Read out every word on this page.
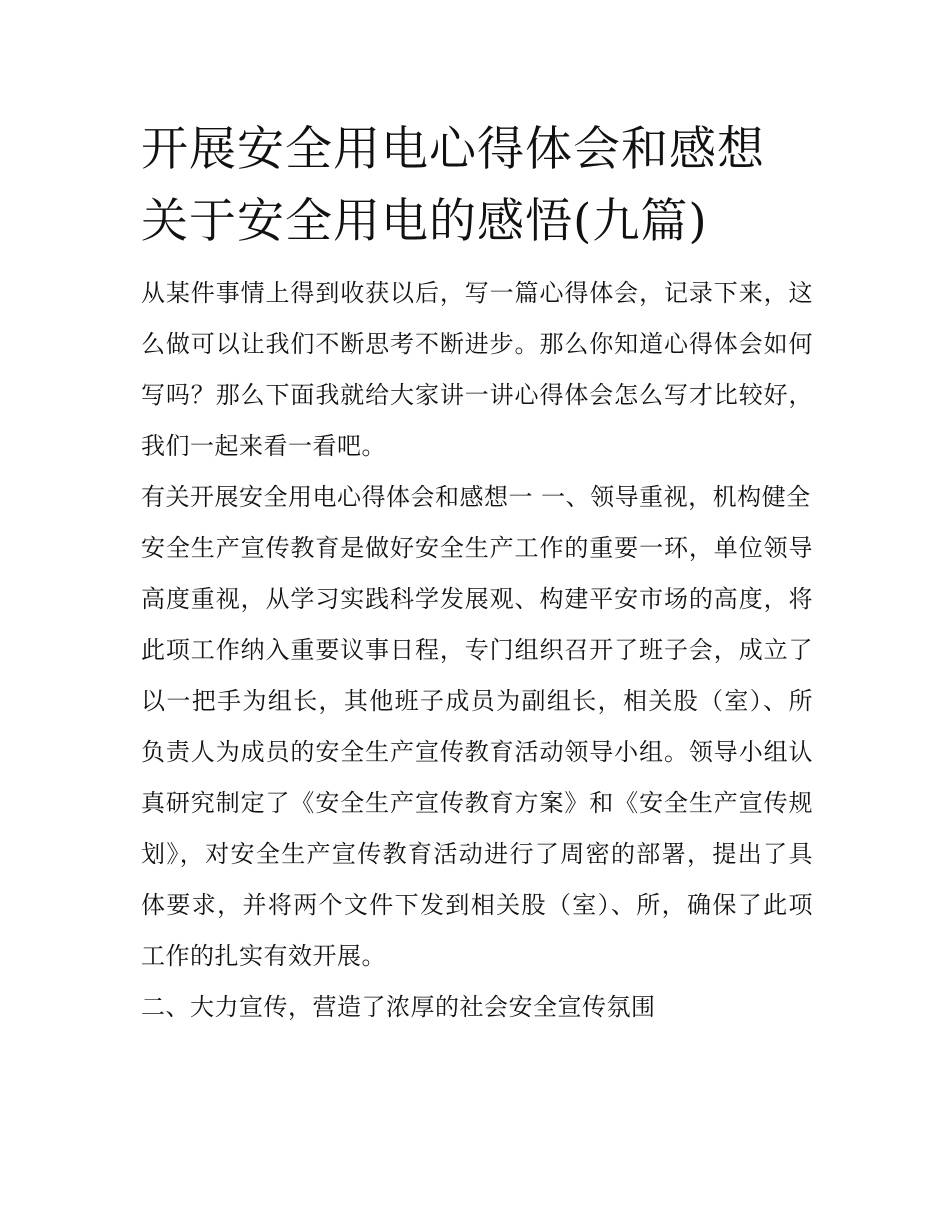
开展安全用电心得体会和感想
关于安全用电的感悟(九篇)

从某件事情上得到收获以后，写一篇心得体会，记录下来，这么做可以让我们不断思考不断进步。那么你知道心得体会如何写吗？那么下面我就给大家讲一讲心得体会怎么写才比较好，我们一起来看一看吧。

有关开展安全用电心得体会和感想一 一、领导重视，机构健全

安全生产宣传教育是做好安全生产工作的重要一环，单位领导高度重视，从学习实践科学发展观、构建平安市场的高度，将此项工作纳入重要议事日程，专门组织召开了班子会，成立了以一把手为组长，其他班子成员为副组长，相关股（室）、所负责人为成员的安全生产宣传教育活动领导小组。领导小组认真研究制定了《安全生产宣传教育方案》和《安全生产宣传规划》，对安全生产宣传教育活动进行了周密的部署，提出了具体要求，并将两个文件下发到相关股（室）、所，确保了此项工作的扎实有效开展。

二、大力宣传，营造了浓厚的社会安全宣传氛围
